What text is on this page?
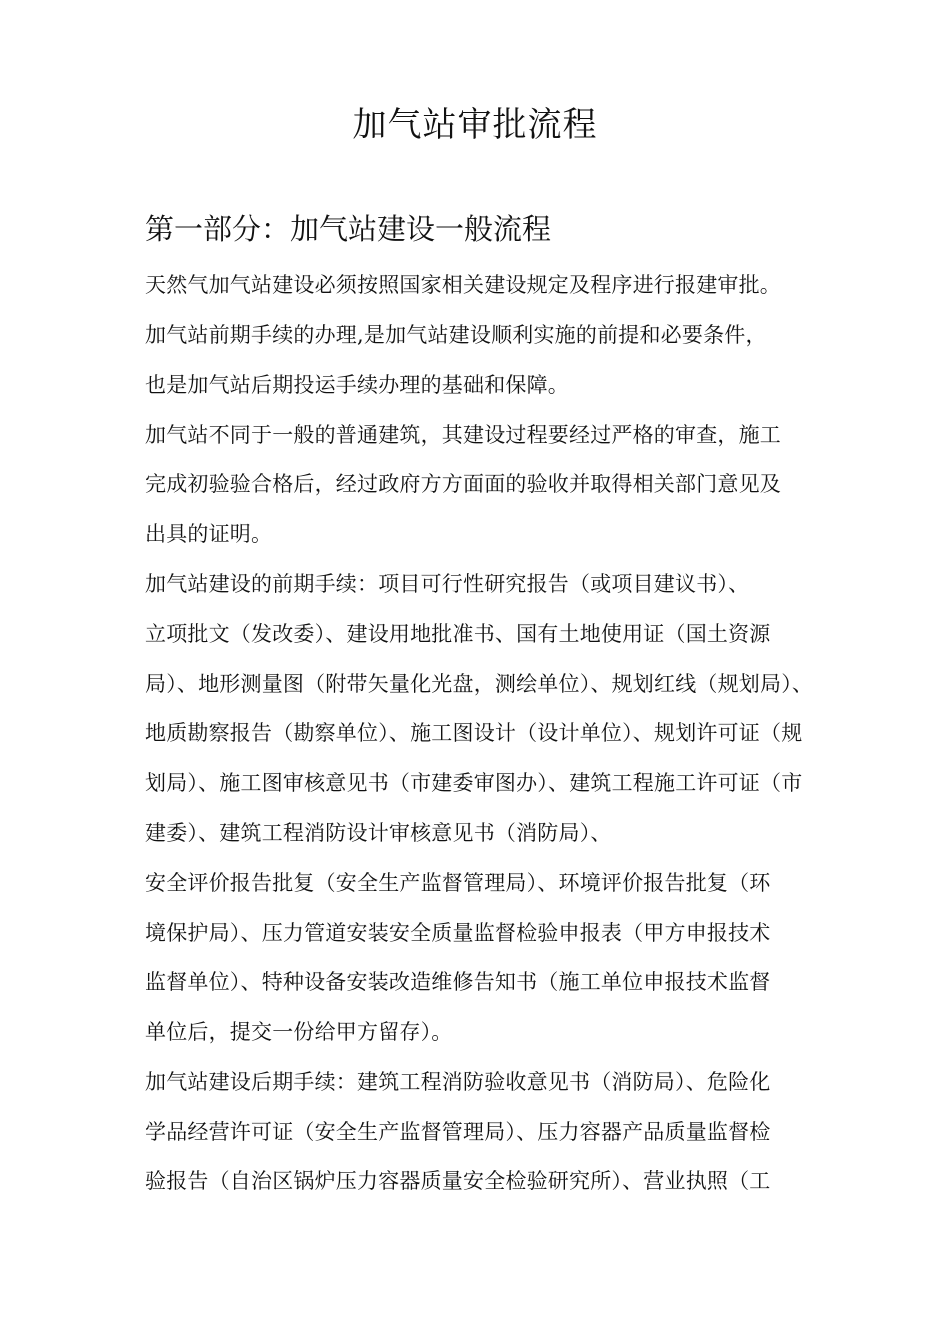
加气站审批流程
第一部分：加气站建设一般流程
天然气加气站建设必须按照国家相关建设规定及程序进行报建审批。
加气站前期手续的办理,是加气站建设顺利实施的前提和必要条件，
也是加气站后期投运手续办理的基础和保障。
加气站不同于一般的普通建筑，其建设过程要经过严格的审查，施工
完成初验验合格后，经过政府方方面面的验收并取得相关部门意见及
出具的证明。
加气站建设的前期手续：项目可行性研究报告（或项目建议书）、
立项批文（发改委）、建设用地批准书、国有土地使用证（国土资源
局）、地形测量图（附带矢量化光盘，测绘单位）、规划红线（规划局）、
地质勘察报告（勘察单位）、施工图设计（设计单位）、规划许可证（规
划局）、施工图审核意见书（市建委审图办）、建筑工程施工许可证（市
建委）、建筑工程消防设计审核意见书（消防局）、
安全评价报告批复（安全生产监督管理局）、环境评价报告批复（环
境保护局）、压力管道安装安全质量监督检验申报表（甲方申报技术
监督单位）、特种设备安装改造维修告知书（施工单位申报技术监督
单位后，提交一份给甲方留存）。
加气站建设后期手续：建筑工程消防验收意见书（消防局）、危险化
学品经营许可证（安全生产监督管理局）、压力容器产品质量监督检
验报告（自治区锅炉压力容器质量安全检验研究所）、营业执照（工
